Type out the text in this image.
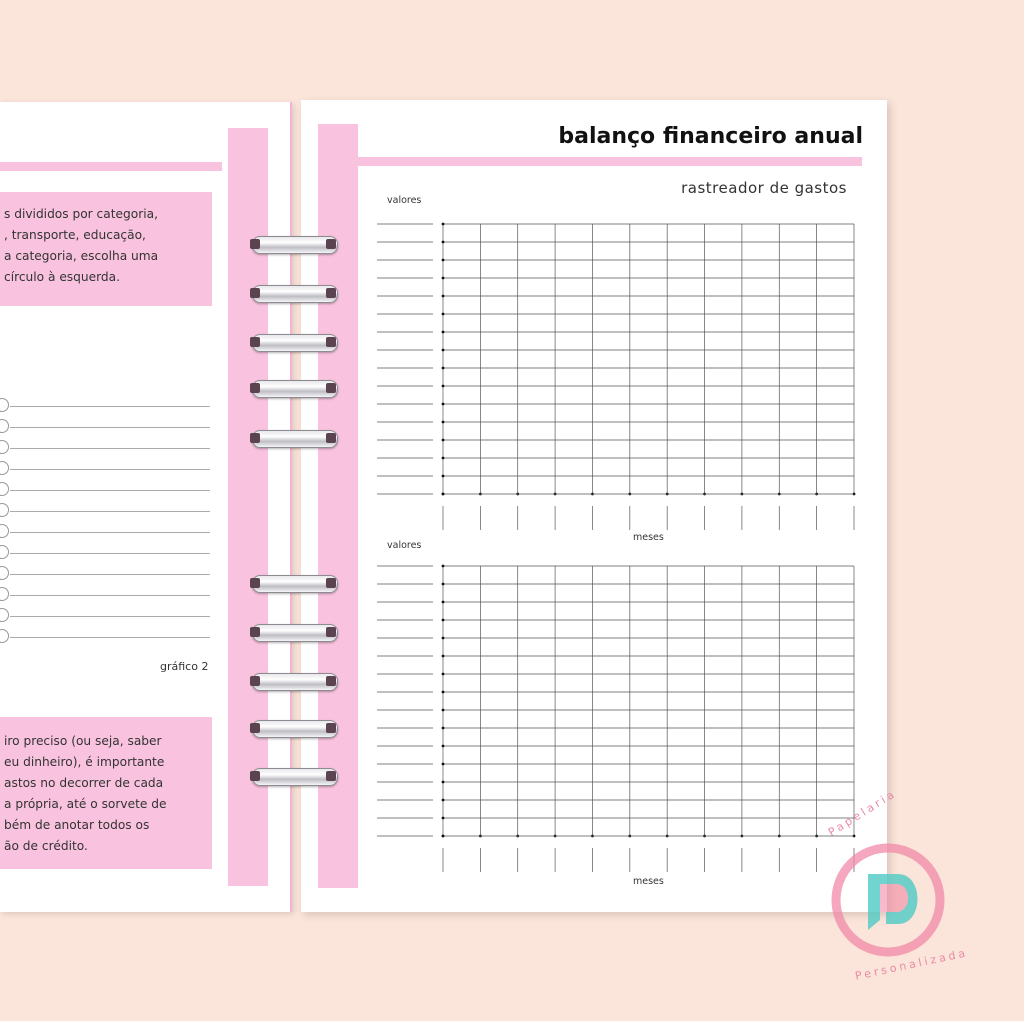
s divididos por categoria,
, transporte, educação,
a categoria, escolha uma
círculo à esquerda.
gráfico 2
iro preciso (ou seja, saber
eu dinheiro), é importante
astos no decorrer de cada
a própria, até o sorvete de
bém de anotar todos os
ão de crédito.
balanço financeiro anual
rastreador de gastos
valores
meses
valores
meses
Papelaria
Personalizada
